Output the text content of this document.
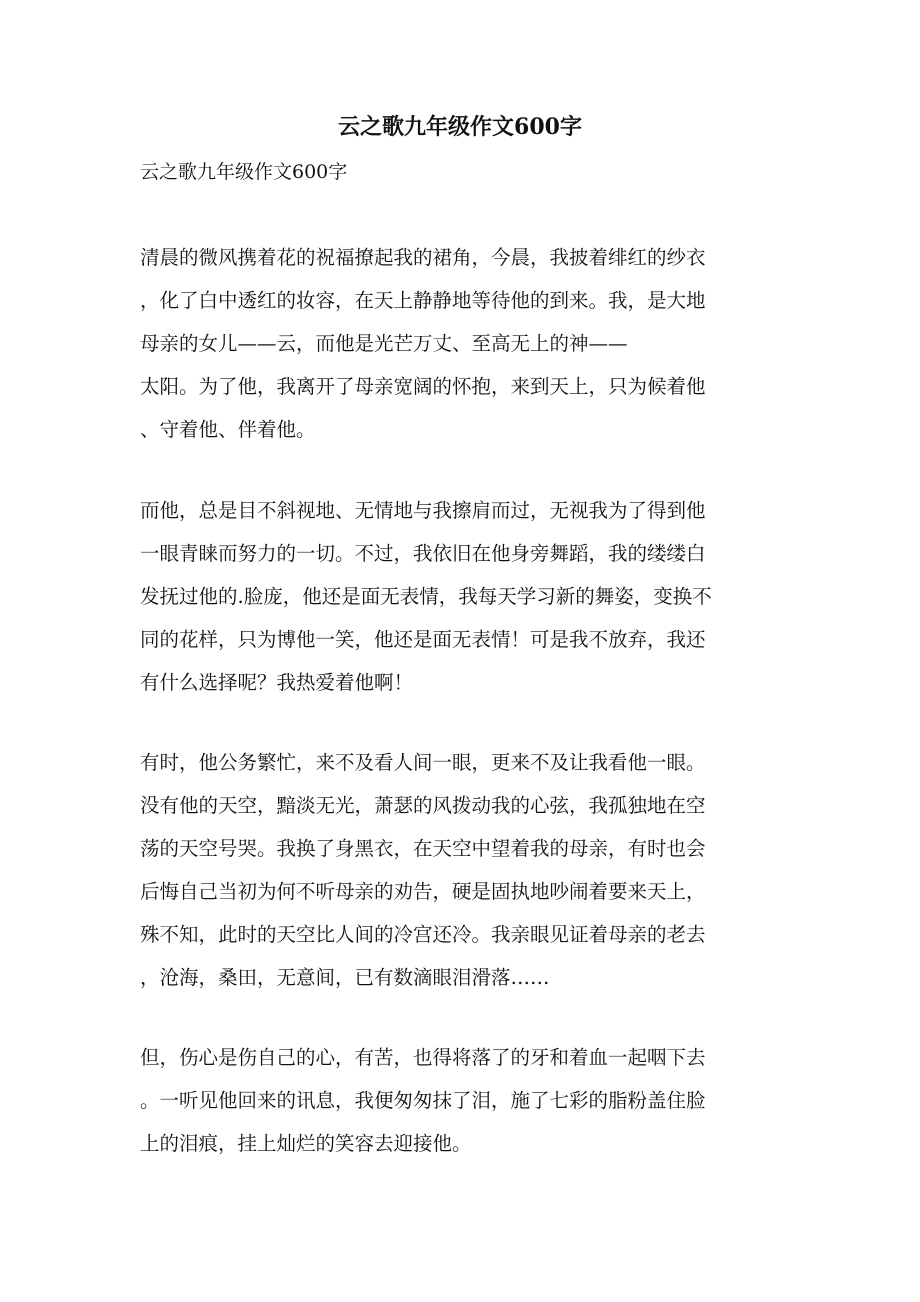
云之歌九年级作文600字

云之歌九年级作文600字

清晨的微风携着花的祝福撩起我的裙角，今晨，我披着绯红的纱衣
，化了白中透红的妆容，在天上静静地等待他的到来。我，是大地
母亲的女儿——云，而他是光芒万丈、至高无上的神——
太阳。为了他，我离开了母亲宽阔的怀抱，来到天上，只为候着他
、守着他、伴着他。
而他，总是目不斜视地、无情地与我擦肩而过，无视我为了得到他
一眼青睐而努力的一切。不过，我依旧在他身旁舞蹈，我的缕缕白
发抚过他的.脸庞，他还是面无表情，我每天学习新的舞姿，变换不
同的花样，只为博他一笑，他还是面无表情！可是我不放弃，我还
有什么选择呢？我热爱着他啊！
有时，他公务繁忙，来不及看人间一眼，更来不及让我看他一眼。
没有他的天空，黯淡无光，萧瑟的风拨动我的心弦，我孤独地在空
荡的天空号哭。我换了身黑衣，在天空中望着我的母亲，有时也会
后悔自己当初为何不听母亲的劝告，硬是固执地吵闹着要来天上，
殊不知，此时的天空比人间的冷宫还冷。我亲眼见证着母亲的老去
，沧海，桑田，无意间，已有数滴眼泪滑落……
但，伤心是伤自己的心，有苦，也得将落了的牙和着血一起咽下去
。一听见他回来的讯息，我便匆匆抹了泪，施了七彩的脂粉盖住脸
上的泪痕，挂上灿烂的笑容去迎接他。
